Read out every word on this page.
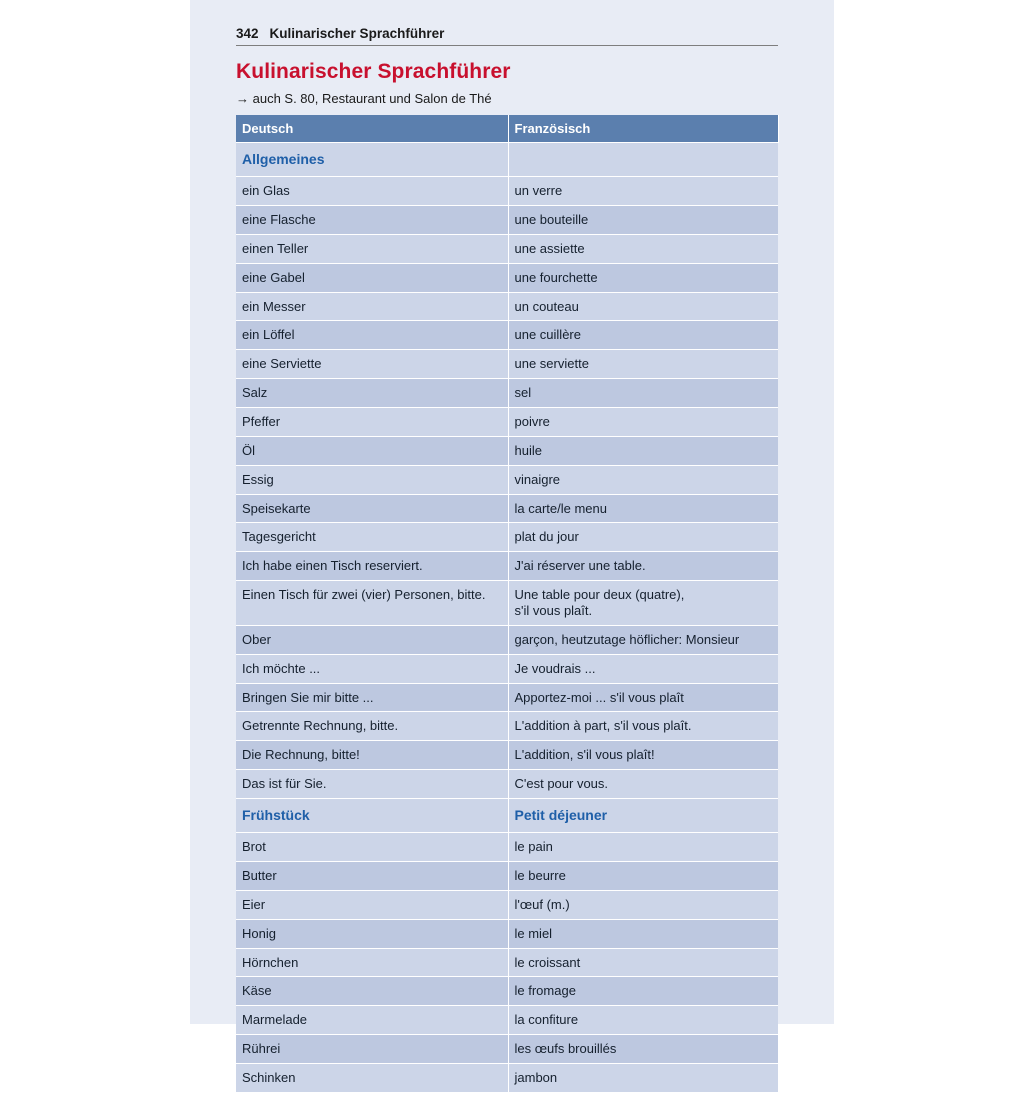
342 Kulinarischer Sprachführer
Kulinarischer Sprachführer
→ auch S. 80, Restaurant und Salon de Thé
Deutsch	Französisch
Allgemeines	
ein Glas	un verre
eine Flasche	une bouteille
einen Teller	une assiette
eine Gabel	une fourchette
ein Messer	un couteau
ein Löffel	une cuillère
eine Serviette	une serviette
Salz	sel
Pfeffer	poivre
Öl	huile
Essig	vinaigre
Speisekarte	la carte/le menu
Tagesgericht	plat du jour
Ich habe einen Tisch reserviert.	J'ai réserver une table.
Einen Tisch für zwei (vier) Personen, bitte.	Une table pour deux (quatre),
s'il vous plaît.
Ober	garçon, heutzutage höflicher: Monsieur
Ich möchte ...	Je voudrais ...
Bringen Sie mir bitte ...	Apportez-moi ... s'il vous plaît
Getrennte Rechnung, bitte.	L'addition à part, s'il vous plaît.
Die Rechnung, bitte!	L'addition, s'il vous plaît!
Das ist für Sie.	C'est pour vous.
Frühstück	Petit déjeuner
Brot	le pain
Butter	le beurre
Eier	l'œuf (m.)
Honig	le miel
Hörnchen	le croissant
Käse	le fromage
Marmelade	la confiture
Rührei	les œufs brouillés
Schinken	jambon
